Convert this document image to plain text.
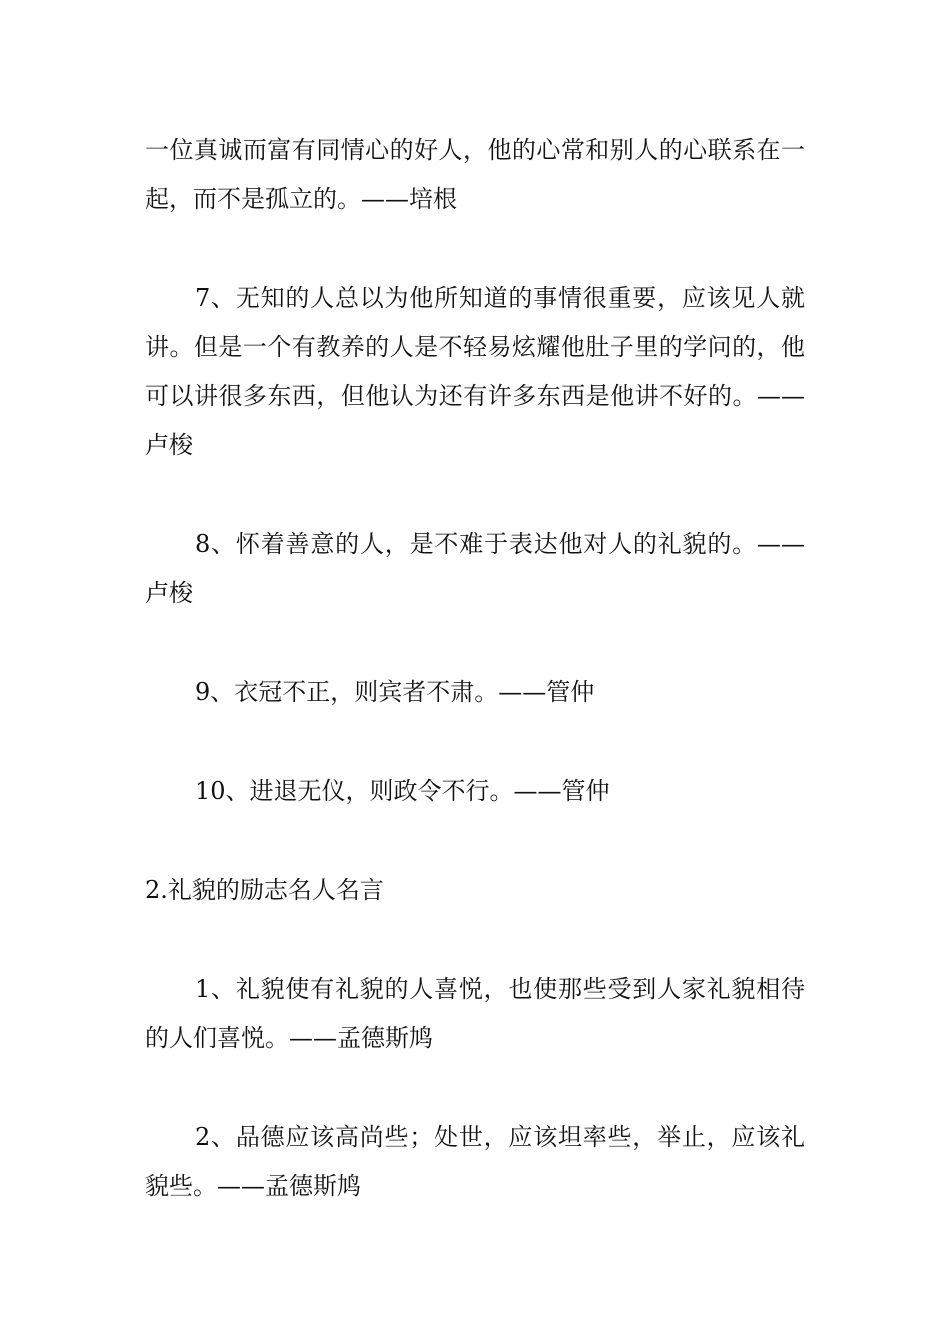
一位真诚而富有同情心的好人，他的心常和别人的心联系在一起，而不是孤立的。——培根

7、无知的人总以为他所知道的事情很重要，应该见人就讲。但是一个有教养的人是不轻易炫耀他肚子里的学问的，他可以讲很多东西，但他认为还有许多东西是他讲不好的。——卢梭

8、怀着善意的人，是不难于表达他对人的礼貌的。——卢梭

9、衣冠不正，则宾者不肃。——管仲

10、进退无仪，则政令不行。——管仲

2.礼貌的励志名人名言

1、礼貌使有礼貌的人喜悦，也使那些受到人家礼貌相待的人们喜悦。——孟德斯鸠

2、品德应该高尚些；处世，应该坦率些，举止，应该礼貌些。——孟德斯鸠
